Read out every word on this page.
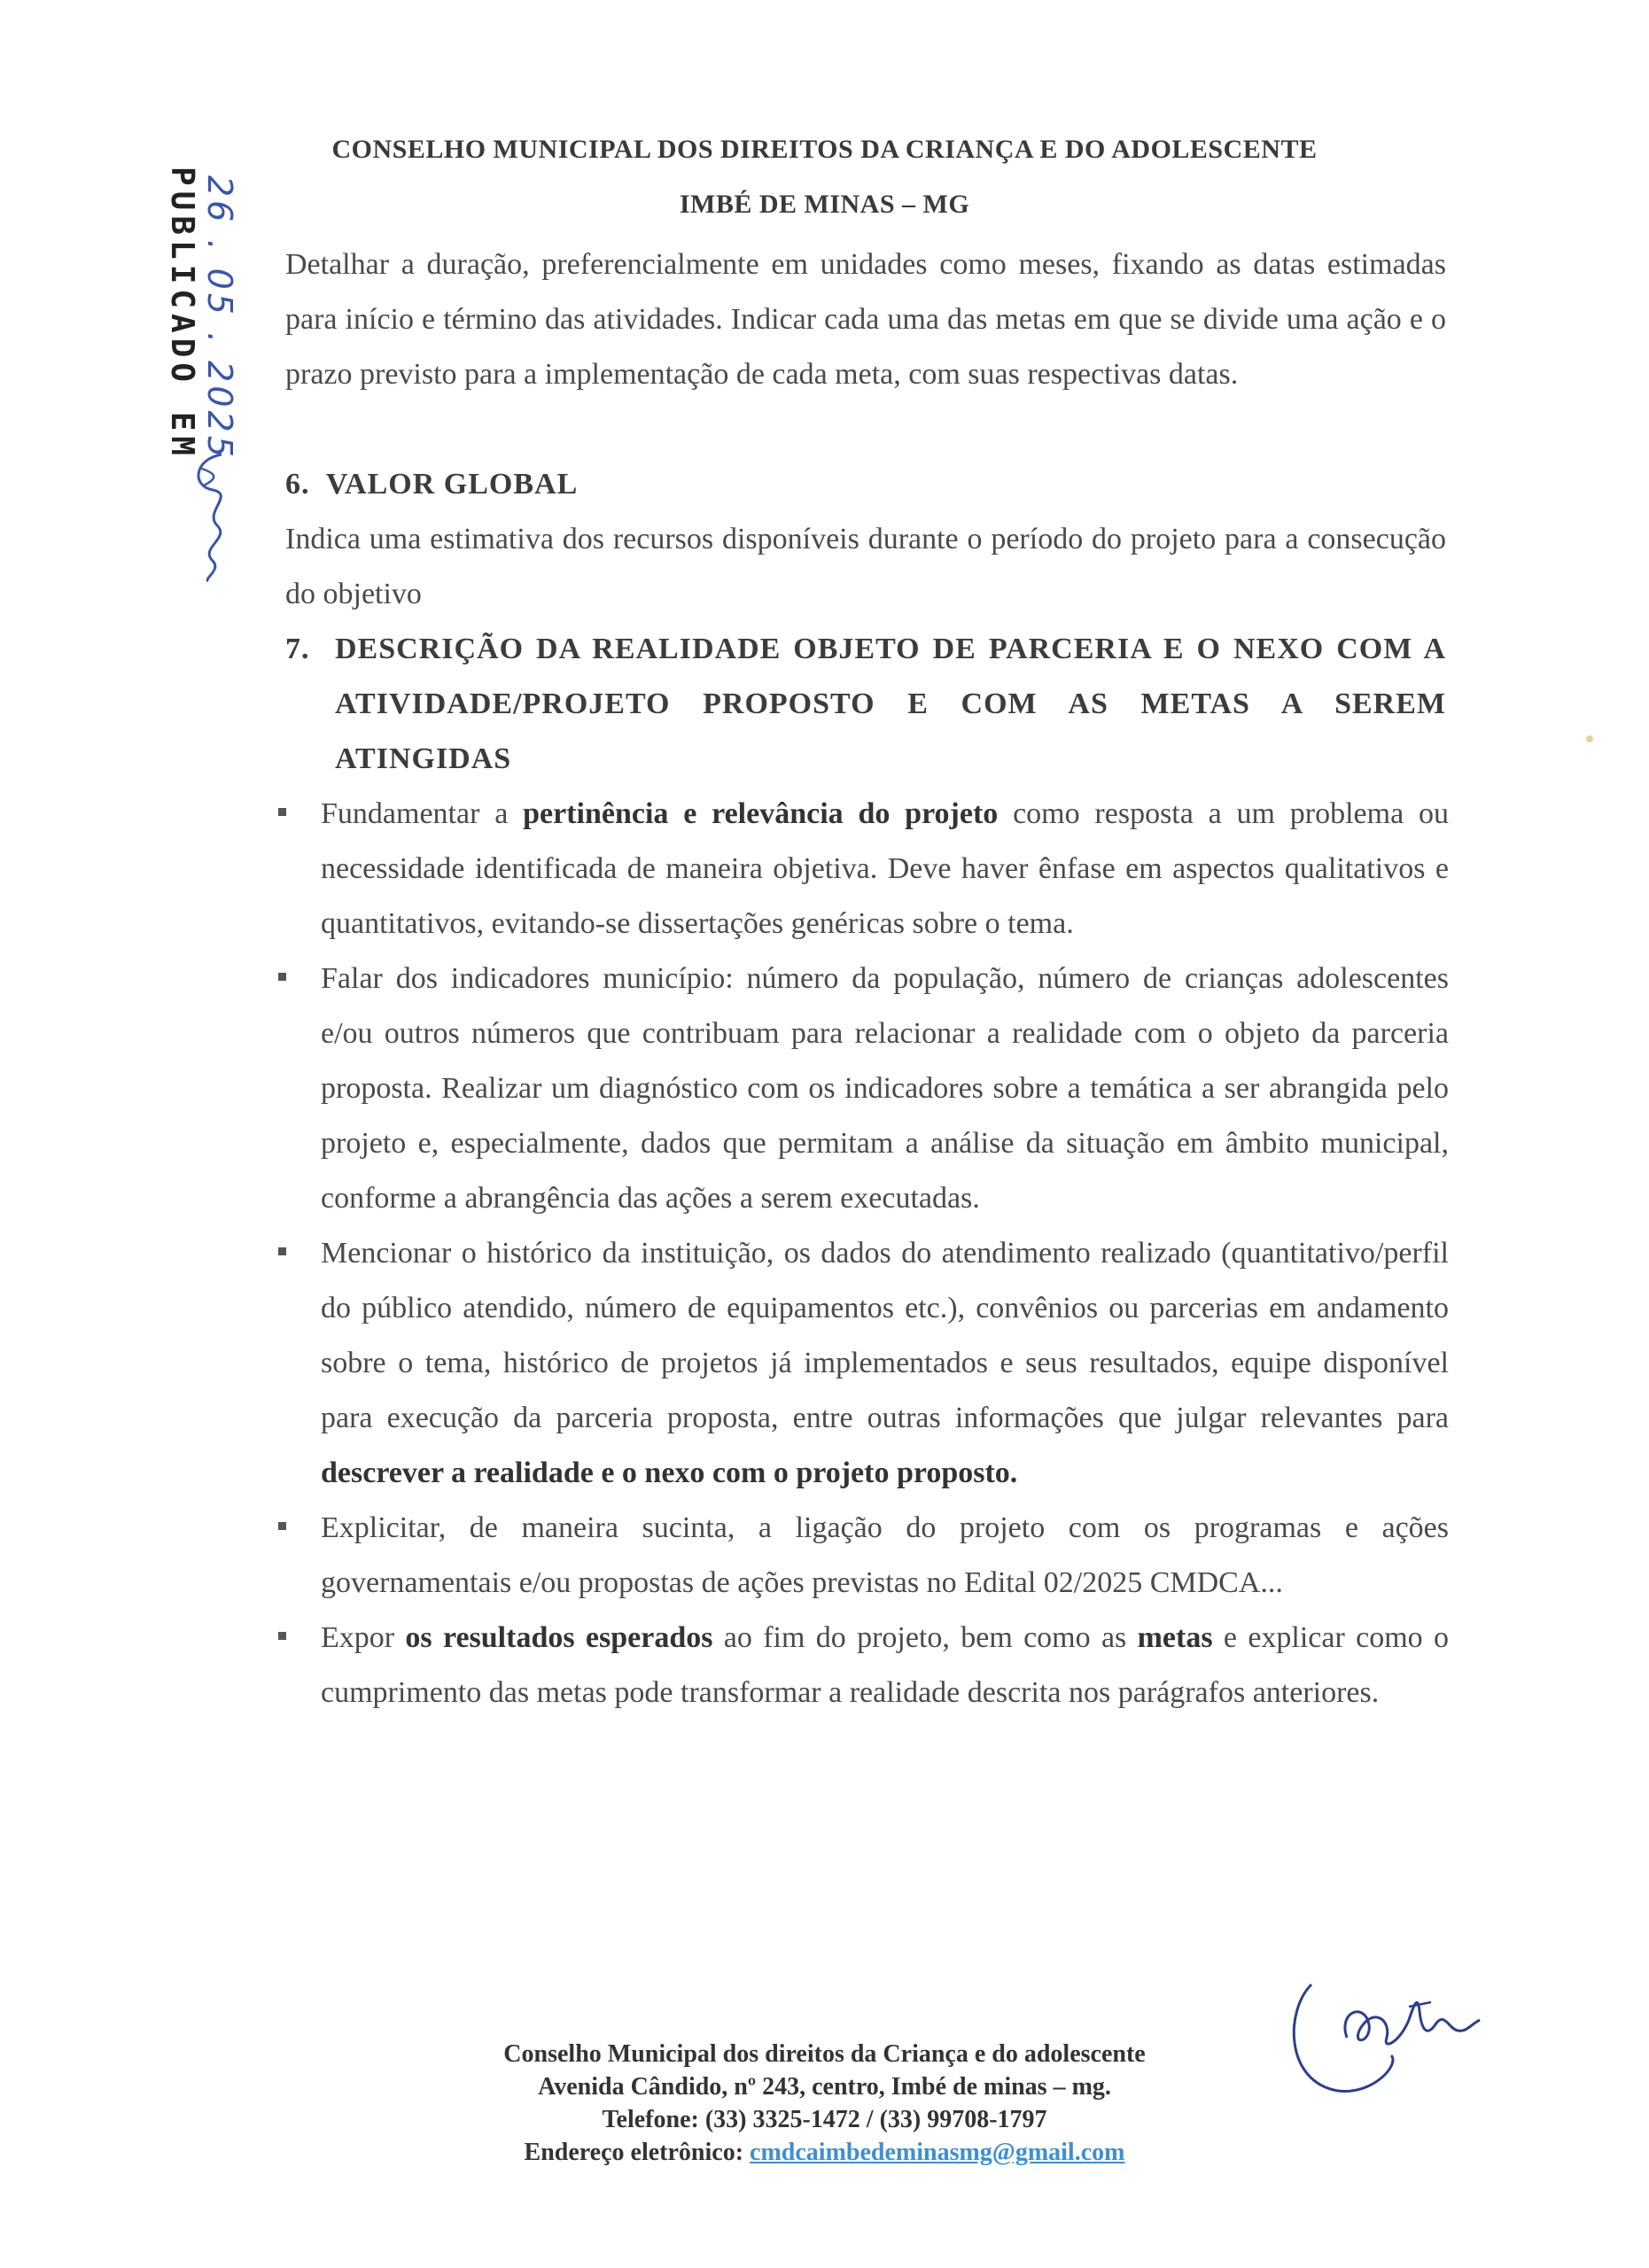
CONSELHO MUNICIPAL DOS DIREITOS DA CRIANÇA E DO ADOLESCENTE
IMBÉ DE MINAS – MG
PUBLICADO EM 26 . 05 . 2025 Detalhar a duração, preferencialmente em unidades como meses, fixando as datas estimadas para início e término das atividades. Indicar cada uma das metas em que se divide uma ação e o prazo previsto para a implementação de cada meta, com suas respectivas datas.
6. VALOR GLOBAL
Indica uma estimativa dos recursos disponíveis durante o período do projeto para a consecução do objetivo
7. DESCRIÇÃO DA REALIDADE OBJETO DE PARCERIA E O NEXO COM A ATIVIDADE/PROJETO PROPOSTO E COM AS METAS A SEREM ATINGIDAS

Fundamentar a pertinência e relevância do projeto como resposta a um problema ou necessidade identificada de maneira objetiva. Deve haver ênfase em aspectos qualitativos e quantitativos, evitando-se dissertações genéricas sobre o tema.

Falar dos indicadores município: número da população, número de crianças adolescentes e/ou outros números que contribuam para relacionar a realidade com o objeto da parceria proposta. Realizar um diagnóstico com os indicadores sobre a temática a ser abrangida pelo projeto e, especialmente, dados que permitam a análise da situação em âmbito municipal, conforme a abrangência das ações a serem executadas.

Mencionar o histórico da instituição, os dados do atendimento realizado (quantitativo/perfil do público atendido, número de equipamentos etc.), convênios ou parcerias em andamento sobre o tema, histórico de projetos já implementados e seus resultados, equipe disponível para execução da parceria proposta, entre outras informações que julgar relevantes para descrever a realidade e o nexo com o projeto proposto.

Explicitar, de maneira sucinta, a ligação do projeto com os programas e ações governamentais e/ou propostas de ações previstas no Edital 02/2025 CMDCA...

Expor os resultados esperados ao fim do projeto, bem como as metas e explicar como o cumprimento das metas pode transformar a realidade descrita nos parágrafos anteriores.

Conselho Municipal dos direitos da Criança e do adolescente
Avenida Cândido, nº 243, centro, Imbé de minas – mg.
Telefone: (33) 3325-1472 / (33) 99708-1797
Endereço eletrônico: cmdcaimbedeminasmg@gmail.com
